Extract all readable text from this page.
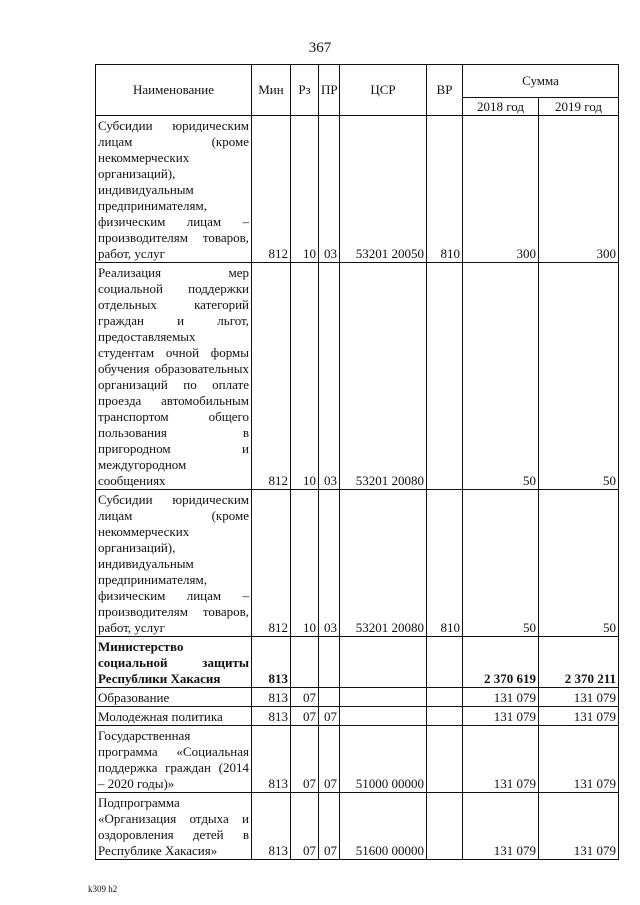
367
Наименование	Мин	Рз	ПР	ЦСР	ВР	Сумма	
						2018 год	2019 год
Субсидии юридическим лицам (кроме некоммерческих организаций), индивидуальным предпринимателям, физическим лицам – производителям товаров, работ, услуг	812	10	03	53201 20050	810	300	300
Реализация мер социальной поддержки отдельных категорий граждан и льгот, предоставляемых студентам очной формы обучения образовательных организаций по оплате проезда автомобильным транспортом общего пользования в пригородном и междугородном сообщениях	812	10	03	53201 20080		50	50
Субсидии юридическим лицам (кроме некоммерческих организаций), индивидуальным предпринимателям, физическим лицам – производителям товаров, работ, услуг	812	10	03	53201 20080	810	50	50
Министерство социальной защиты Республики Хакасия	813					2 370 619	2 370 211
Образование	813	07				131 079	131 079
Молодежная политика	813	07	07			131 079	131 079
Государственная программа «Социальная поддержка граждан (2014 – 2020 годы)»	813	07	07	51000 00000		131 079	131 079
Подпрограмма «Организация отдыха и оздоровления детей в Республике Хакасия»	813	07	07	51600 00000		131 079	131 079
k309 h2
